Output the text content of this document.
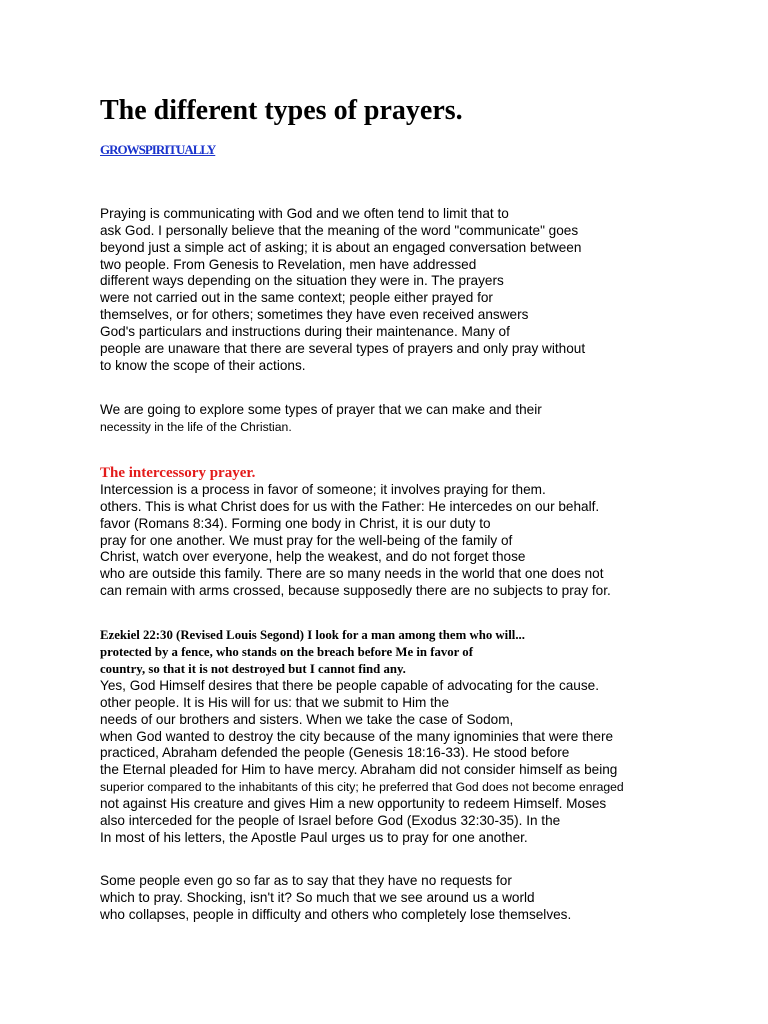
The different types of prayers.
GROWSPIRITUALLY
Praying is communicating with God and we often tend to limit that to
ask God. I personally believe that the meaning of the word "communicate" goes
beyond just a simple act of asking; it is about an engaged conversation between
two people. From Genesis to Revelation, men have addressed
different ways depending on the situation they were in. The prayers
were not carried out in the same context; people either prayed for
themselves, or for others; sometimes they have even received answers
God's particulars and instructions during their maintenance. Many of
people are unaware that there are several types of prayers and only pray without
to know the scope of their actions.
We are going to explore some types of prayer that we can make and their
necessity in the life of the Christian.
The intercessory prayer.
Intercession is a process in favor of someone; it involves praying for them.
others. This is what Christ does for us with the Father: He intercedes on our behalf.
favor (Romans 8:34). Forming one body in Christ, it is our duty to
pray for one another. We must pray for the well-being of the family of
Christ, watch over everyone, help the weakest, and do not forget those
who are outside this family. There are so many needs in the world that one does not
can remain with arms crossed, because supposedly there are no subjects to pray for.
Ezekiel 22:30 (Revised Louis Segond) I look for a man among them who will...
protected by a fence, who stands on the breach before Me in favor of
country, so that it is not destroyed but I cannot find any.
Yes, God Himself desires that there be people capable of advocating for the cause.
other people. It is His will for us: that we submit to Him the
needs of our brothers and sisters. When we take the case of Sodom,
when God wanted to destroy the city because of the many ignominies that were there
practiced, Abraham defended the people (Genesis 18:16-33). He stood before
the Eternal pleaded for Him to have mercy. Abraham did not consider himself as being
superior compared to the inhabitants of this city; he preferred that God does not become enraged
not against His creature and gives Him a new opportunity to redeem Himself. Moses
also interceded for the people of Israel before God (Exodus 32:30-35). In the
In most of his letters, the Apostle Paul urges us to pray for one another.
Some people even go so far as to say that they have no requests for
which to pray. Shocking, isn't it? So much that we see around us a world
who collapses, people in difficulty and others who completely lose themselves.
